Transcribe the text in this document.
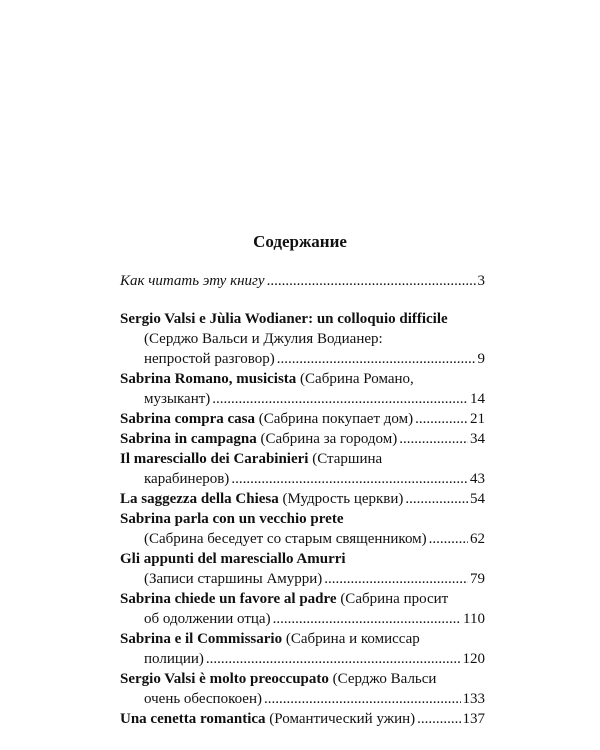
Содержание
Как читать эту книгу .....	3
Sergio Valsi e Jùlia Wodianer: un colloquio difficile
(Серджо Вальси и Джулия Водианер:
непростой разговор) .....	9
Sabrina Romano, musicista (Сабрина Романо,
музыкант) .....	14
Sabrina compra casa (Сабрина покупает дом) .....	21
Sabrina in campagna (Сабрина за городом) .....	34
Il maresciallo dei Carabinieri (Старшина
карабинеров) .....	43
La saggezza della Chiesa (Мудрость церкви) .....	54
Sabrina parla con un vecchio prete
(Сабрина беседует со старым священником) .....	62
Gli appunti del maresciallo Amurri
(Записи старшины Амурри) .....	79
Sabrina chiede un favore al padre (Сабрина просит
об одолжении отца) .....	110
Sabrina e il Commissario (Сабрина и комиссар
полиции) .....	120
Sergio Valsi è molto preoccupato (Серджо Вальси
очень обеспокоен) .....	133
Una cenetta romantica (Романтический ужин) .....	137
